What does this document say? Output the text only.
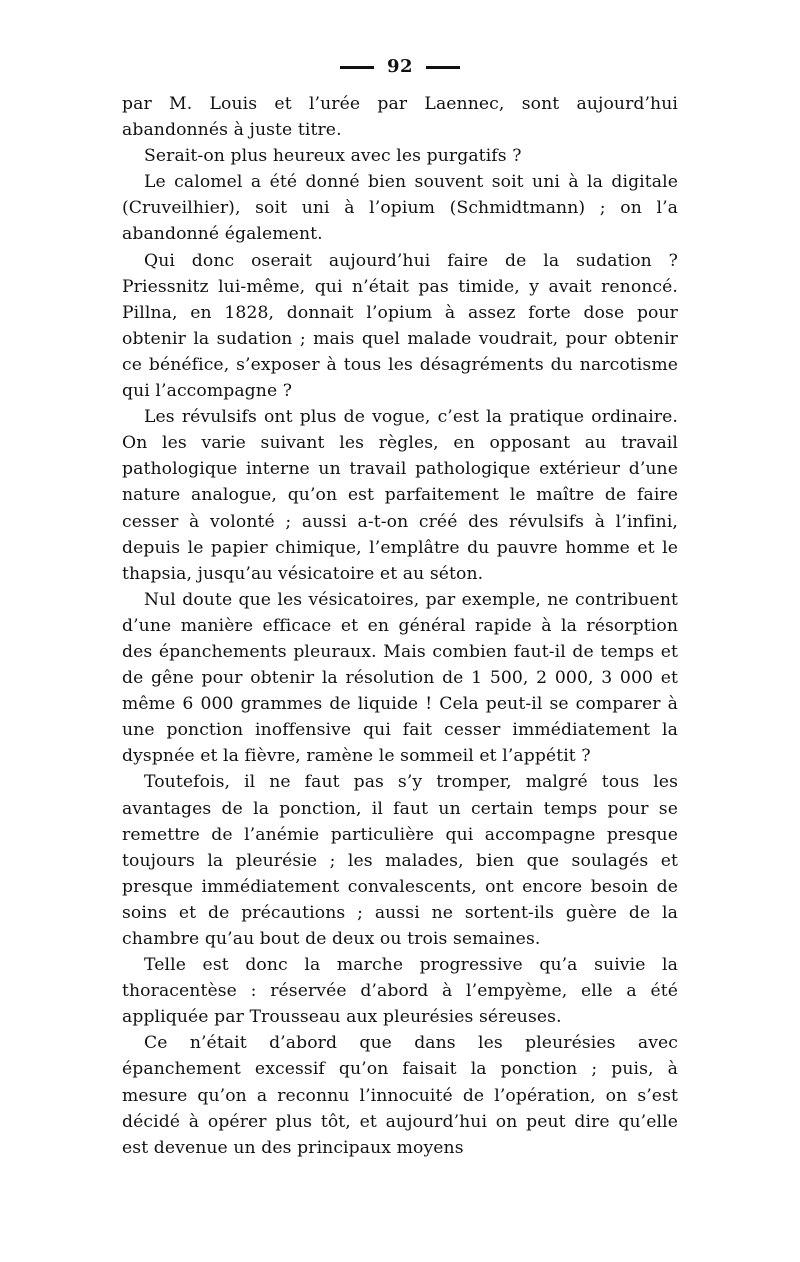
92

par M. Louis et l’urée par Laennec, sont aujourd’hui abandonnés à juste titre.

Serait-on plus heureux avec les purgatifs ?

Le calomel a été donné bien souvent soit uni à la digitale (Cruveilhier), soit uni à l’opium (Schmidtmann) ; on l’a abandonné également.

Qui donc oserait aujourd’hui faire de la sudation ? Priessnitz lui-même, qui n’était pas timide, y avait renoncé. Pillna, en 1828, donnait l’opium à assez forte dose pour obtenir la sudation ; mais quel malade voudrait, pour obtenir ce bénéfice, s’exposer à tous les désagréments du narcotisme qui l’accompagne ?

Les révulsifs ont plus de vogue, c’est la pratique ordinaire. On les varie suivant les règles, en opposant au travail pathologique interne un travail pathologique extérieur d’une nature analogue, qu’on est parfaitement le maître de faire cesser à volonté ; aussi a-t-on créé des révulsifs à l’infini, depuis le papier chimique, l’emplâtre du pauvre homme et le thapsia, jusqu’au vésicatoire et au séton.

Nul doute que les vésicatoires, par exemple, ne contribuent d’une manière efficace et en général rapide à la résorption des épanchements pleuraux. Mais combien faut-il de temps et de gêne pour obtenir la résolution de 1 500, 2 000, 3 000 et même 6 000 grammes de liquide ! Cela peut-il se comparer à une ponction inoffensive qui fait cesser immédiatement la dyspnée et la fièvre, ramène le sommeil et l’appétit ?

Toutefois, il ne faut pas s’y tromper, malgré tous les avantages de la ponction, il faut un certain temps pour se remettre de l’anémie particulière qui accompagne presque toujours la pleurésie ; les malades, bien que soulagés et presque immédiatement convalescents, ont encore besoin de soins et de précautions ; aussi ne sortent-ils guère de la chambre qu’au bout de deux ou trois semaines.

Telle est donc la marche progressive qu’a suivie la thoracentèse : réservée d’abord à l’empyème, elle a été appliquée par Trousseau aux pleurésies séreuses.

Ce n’était d’abord que dans les pleurésies avec épanchement excessif qu’on faisait la ponction ; puis, à mesure qu’on a reconnu l’innocuité de l’opération, on s’est décidé à opérer plus tôt, et aujourd’hui on peut dire qu’elle est devenue un des principaux moyens
